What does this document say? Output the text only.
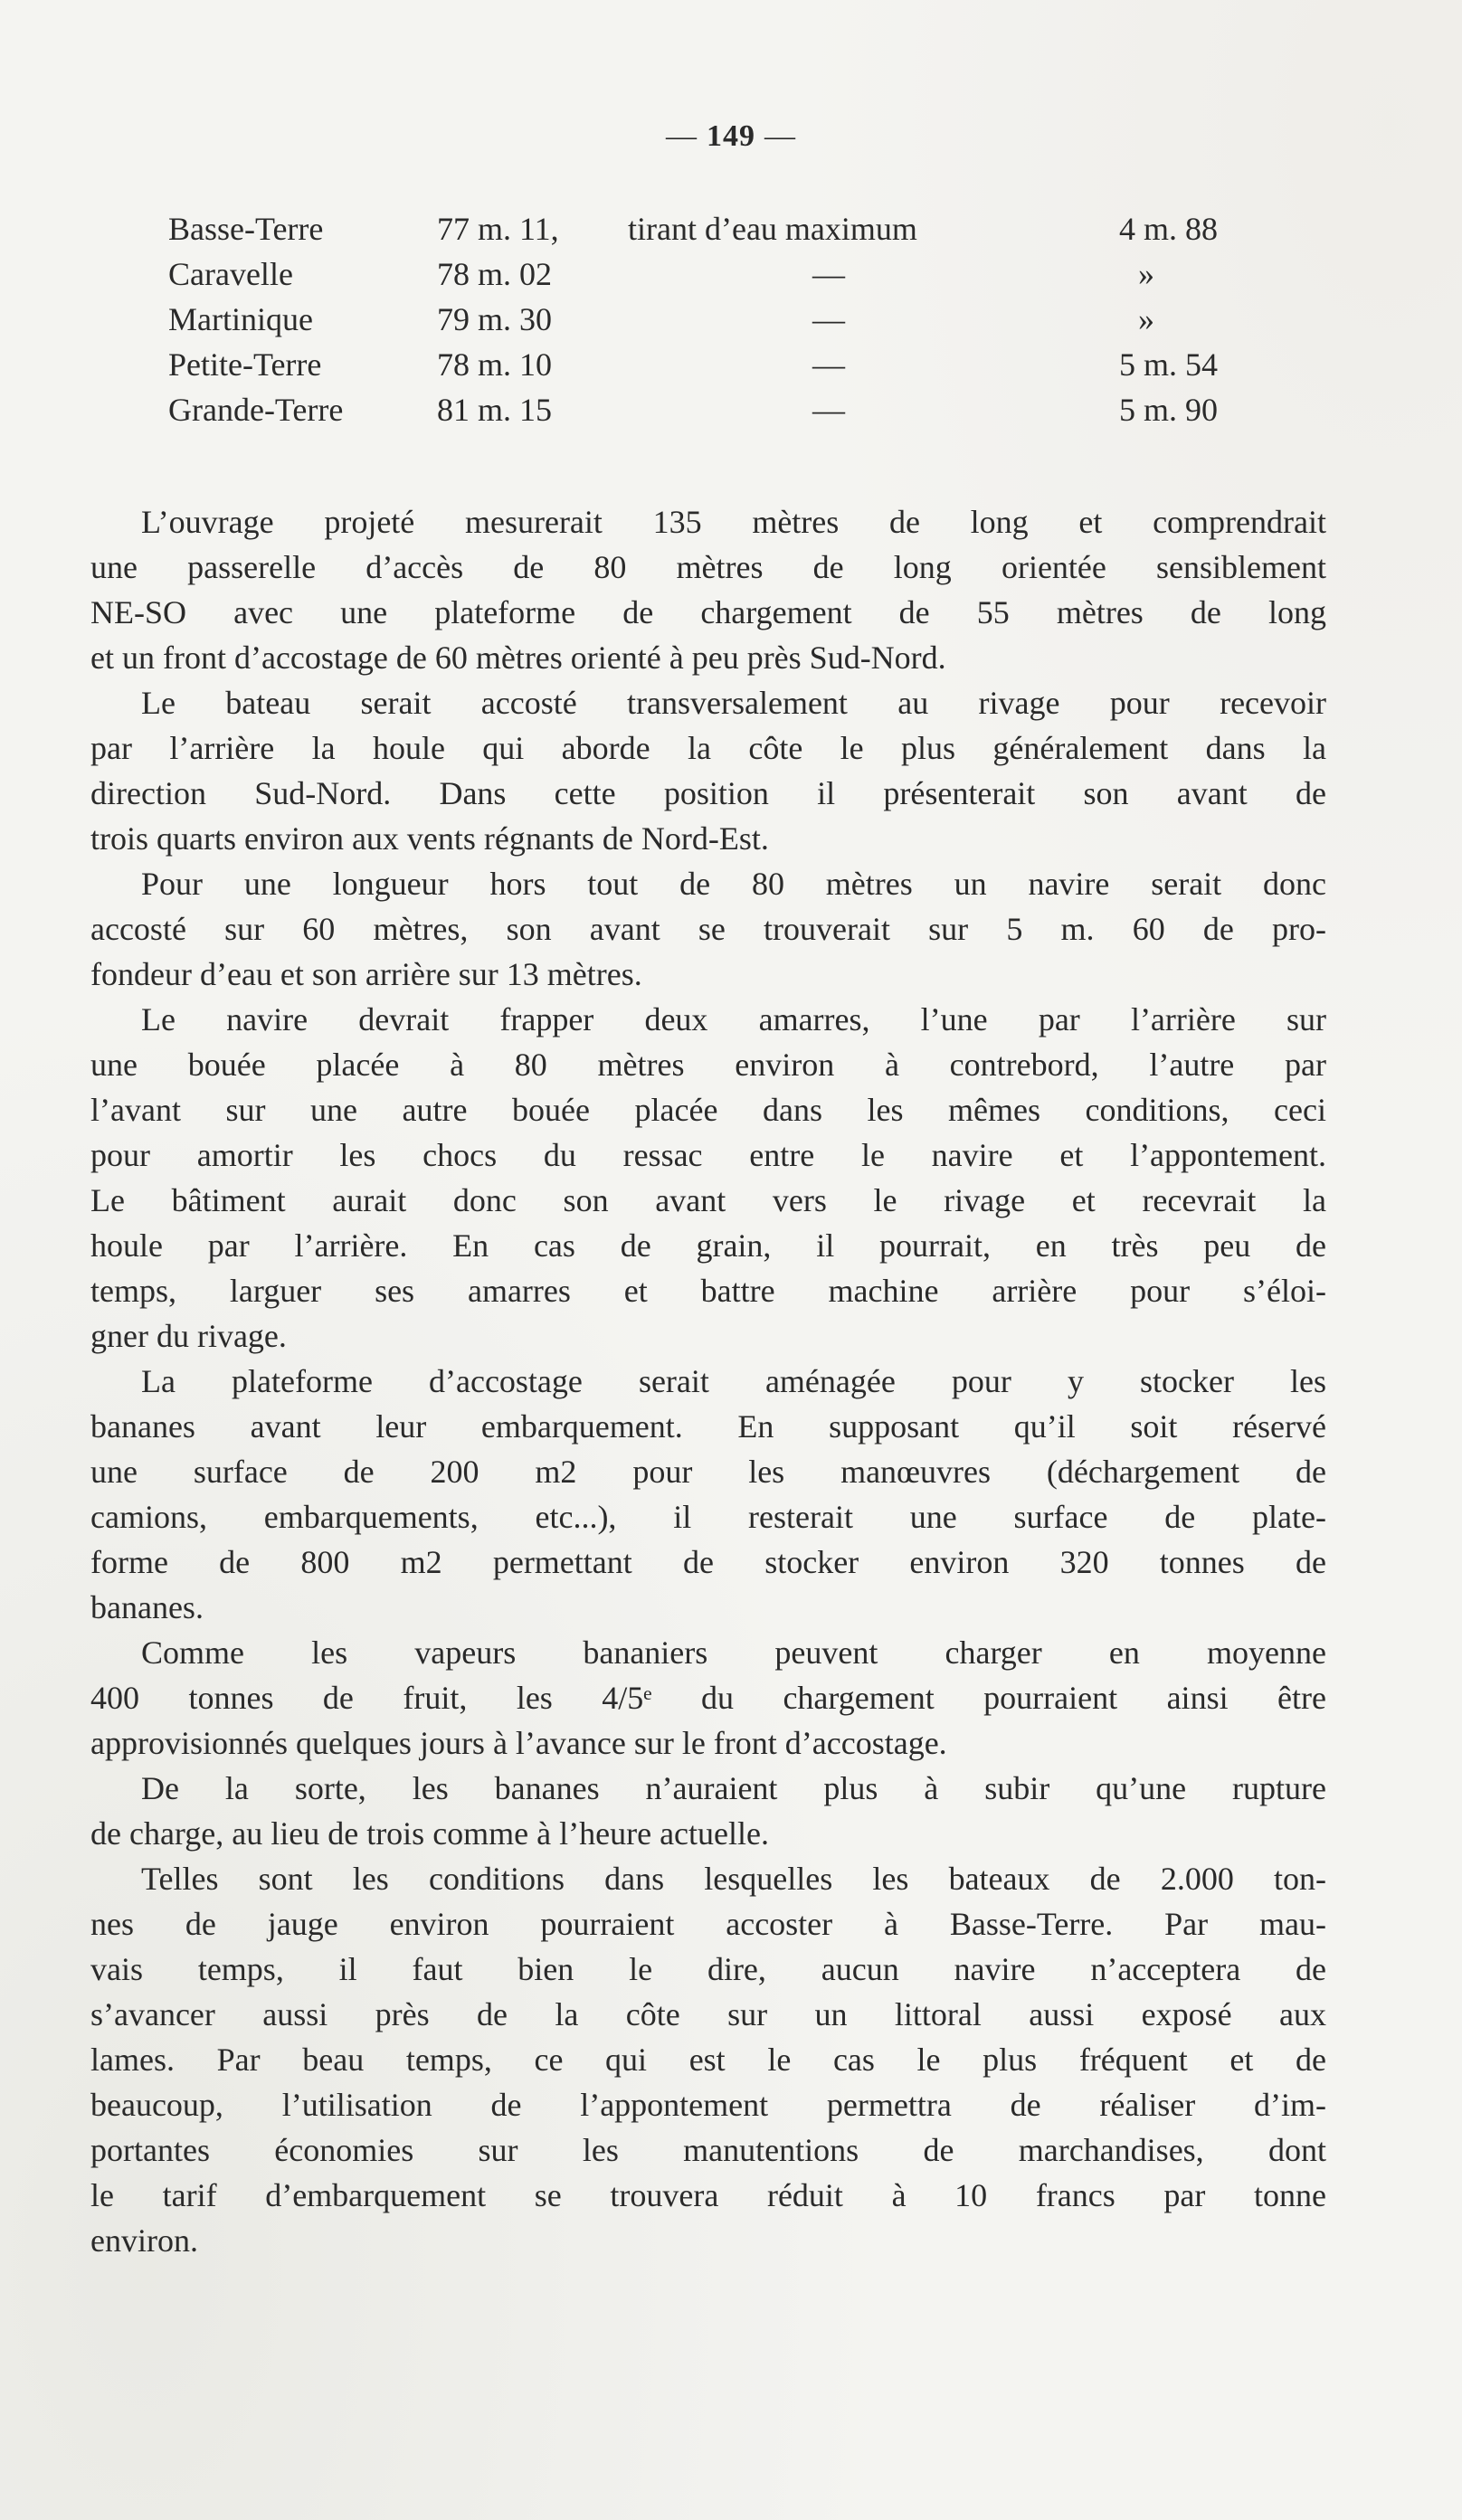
— 149 —
Basse-Terre	77 m. 11, tirant d’eau maximum	4 m. 88
Caravelle	78 m. 02	—	»
Martinique	79 m. 30	—	»
Petite-Terre	78 m. 10	—	5 m. 54
Grande-Terre	81 m. 15	—	5 m. 90

L’ouvrage projeté mesurerait 135 mètres de long et comprendrait
une passerelle d’accès de 80 mètres de long orientée sensiblement
NE-SO avec une plateforme de chargement de 55 mètres de long
et un front d’accostage de 60 mètres orienté à peu près Sud-Nord.

Le bateau serait accosté transversalement au rivage pour recevoir
par l’arrière la houle qui aborde la côte le plus généralement dans la
direction Sud-Nord. Dans cette position il présenterait son avant de
trois quarts environ aux vents régnants de Nord-Est.

Pour une longueur hors tout de 80 mètres un navire serait donc
accosté sur 60 mètres, son avant se trouverait sur 5 m. 60 de pro-
fondeur d’eau et son arrière sur 13 mètres.

Le navire devrait frapper deux amarres, l’une par l’arrière sur
une bouée placée à 80 mètres environ à contrebord, l’autre par
l’avant sur une autre bouée placée dans les mêmes conditions, ceci
pour amortir les chocs du ressac entre le navire et l’appontement.
Le bâtiment aurait donc son avant vers le rivage et recevrait la
houle par l’arrière. En cas de grain, il pourrait, en très peu de
temps, larguer ses amarres et battre machine arrière pour s’éloi-
gner du rivage.

La plateforme d’accostage serait aménagée pour y stocker les
bananes avant leur embarquement. En supposant qu’il soit réservé
une surface de 200 m2 pour les manœuvres (déchargement de
camions, embarquements, etc...), il resterait une surface de plate-
forme de 800 m2 permettant de stocker environ 320 tonnes de
bananes.

Comme les vapeurs bananiers peuvent charger en moyenne
400 tonnes de fruit, les 4/5ᵉ du chargement pourraient ainsi être
approvisionnés quelques jours à l’avance sur le front d’accostage.

De la sorte, les bananes n’auraient plus à subir qu’une rupture
de charge, au lieu de trois comme à l’heure actuelle.

Telles sont les conditions dans lesquelles les bateaux de 2.000 ton-
nes de jauge environ pourraient accoster à Basse-Terre. Par mau-
vais temps, il faut bien le dire, aucun navire n’acceptera de
s’avancer aussi près de la côte sur un littoral aussi exposé aux
lames. Par beau temps, ce qui est le cas le plus fréquent et de
beaucoup, l’utilisation de l’appontement permettra de réaliser d’im-
portantes économies sur les manutentions de marchandises, dont
le tarif d’embarquement se trouvera réduit à 10 francs par tonne
environ.
